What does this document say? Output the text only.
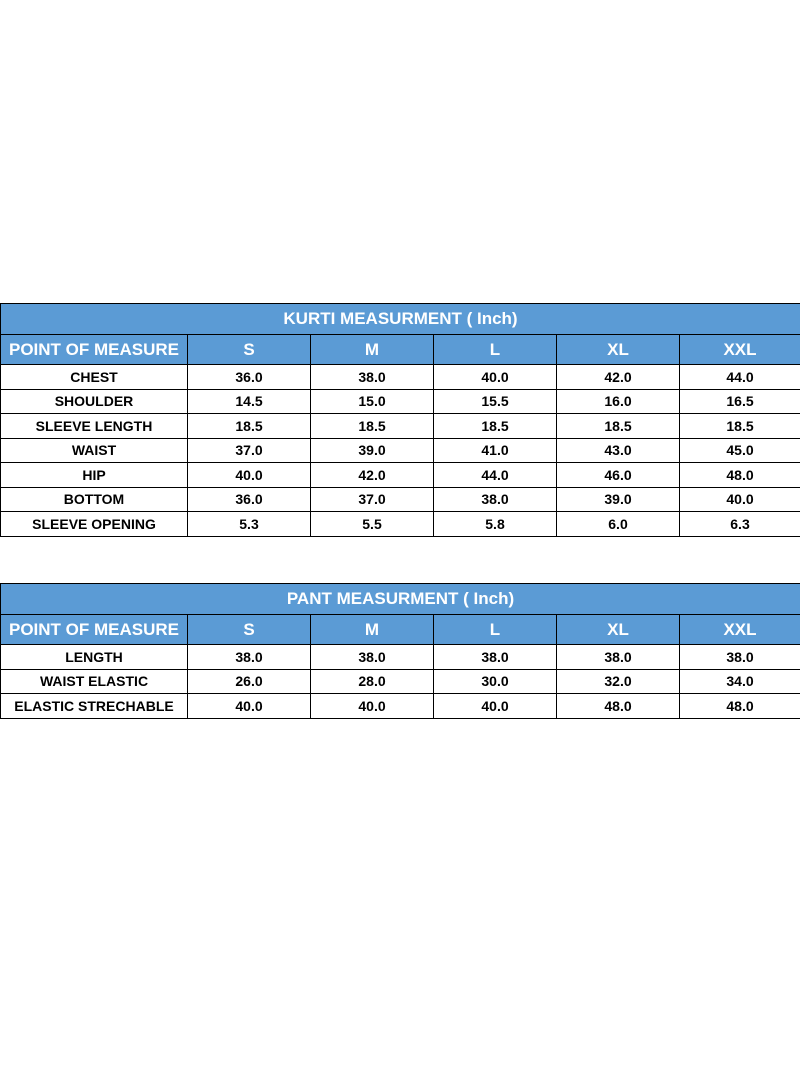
KURTI MEASURMENT ( Inch)					
POINT OF MEASURE	S	M	L	XL	XXL
CHEST	36.0	38.0	40.0	42.0	44.0
SHOULDER	14.5	15.0	15.5	16.0	16.5
SLEEVE LENGTH	18.5	18.5	18.5	18.5	18.5
WAIST	37.0	39.0	41.0	43.0	45.0
HIP	40.0	42.0	44.0	46.0	48.0
BOTTOM	36.0	37.0	38.0	39.0	40.0
SLEEVE OPENING	5.3	5.5	5.8	6.0	6.3
PANT MEASURMENT ( Inch)					
POINT OF MEASURE	S	M	L	XL	XXL
LENGTH	38.0	38.0	38.0	38.0	38.0
WAIST ELASTIC	26.0	28.0	30.0	32.0	34.0
ELASTIC STRECHABLE	40.0	40.0	40.0	48.0	48.0
